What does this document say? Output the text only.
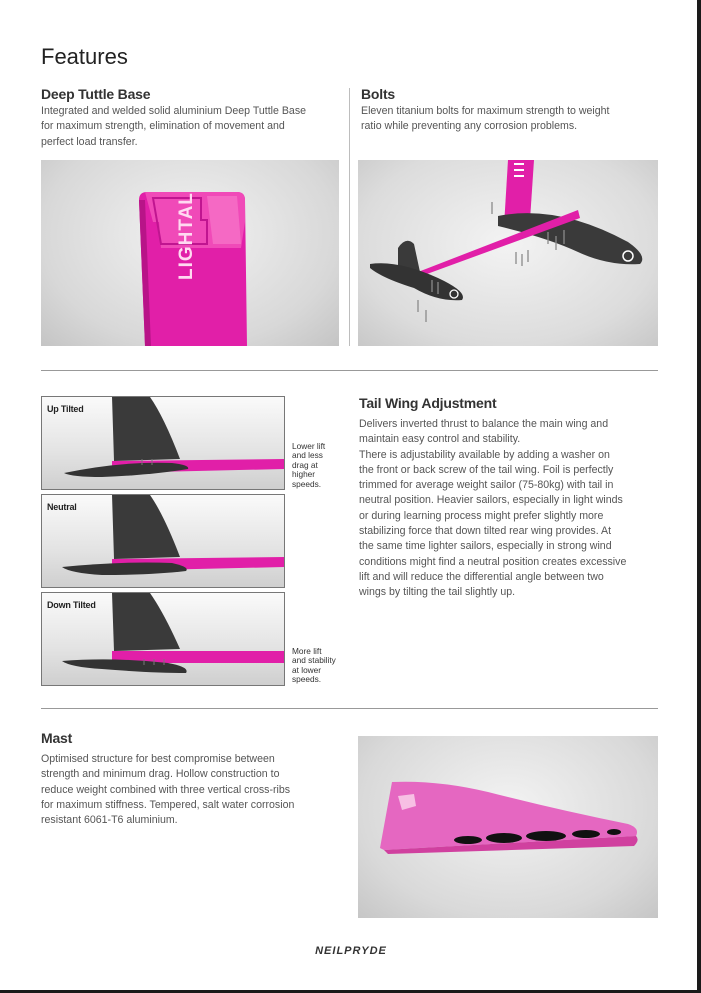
Features
Deep Tuttle Base
Integrated and welded solid aluminium Deep Tuttle Base
for maximum strength, elimination of movement and
perfect load transfer.
LIGHTAL
Bolts
Eleven titanium bolts for maximum strength to weight
ratio while preventing any corrosion problems.
Up Tilted
Neutral
Down Tilted
Lower lift
and less
drag at
higher
speeds.
More lift
and stability
at lower
speeds.
Tail Wing Adjustment
Delivers inverted thrust to balance the main wing and
maintain easy control and stability.
There is adjustability available by adding a washer on
the front or back screw of the tail wing. Foil is perfectly
trimmed for average weight sailor (75-80kg) with tail in
neutral position. Heavier sailors, especially in light winds
or during learning process might prefer slightly more
stabilizing force that down tilted rear wing provides. At
the same time lighter sailors, especially in strong wind
conditions might find a neutral position creates excessive
lift and will reduce the differential angle between two
wings by tilting the tail slightly up.
Mast
Optimised structure for best compromise between
strength and minimum drag. Hollow construction to
reduce weight combined with three vertical cross-ribs
for maximum stiffness. Tempered, salt water corrosion
resistant 6061-T6 aluminium.
NEILPRYDE
